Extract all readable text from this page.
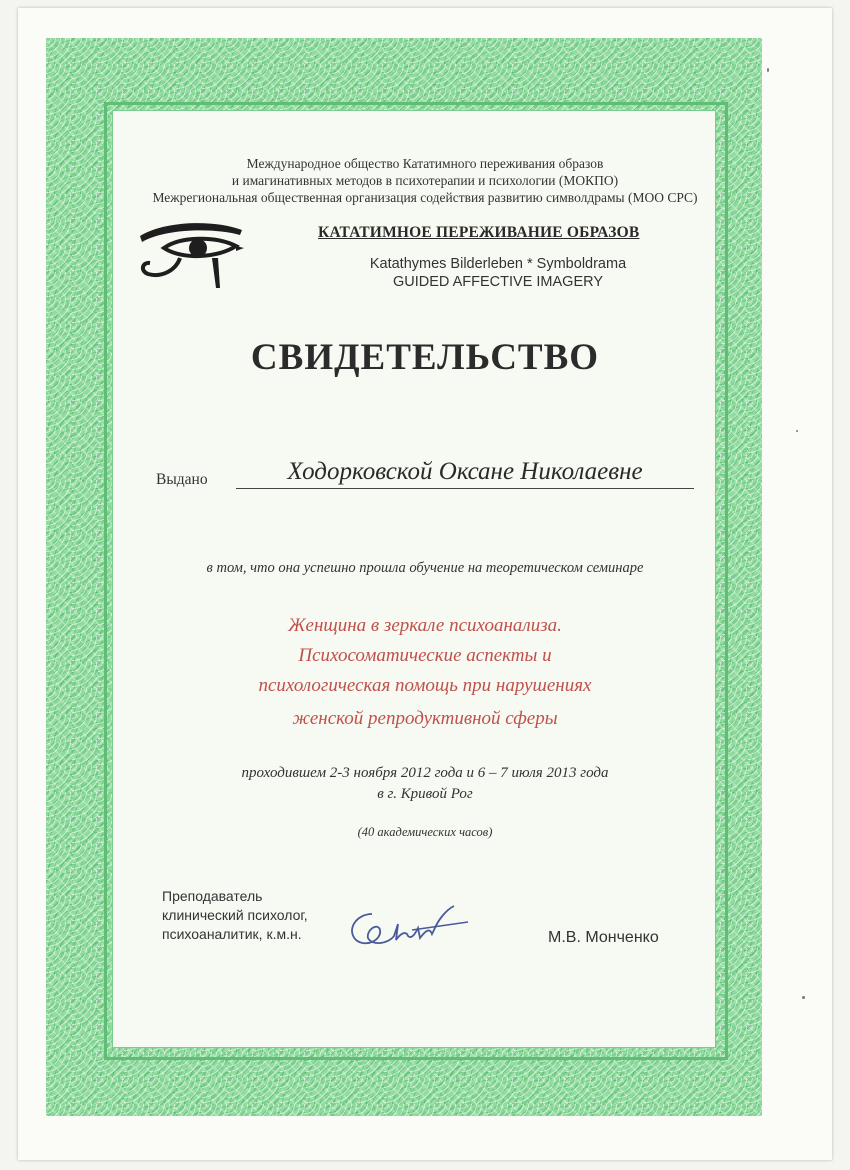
Международное общество Кататимного переживания образов
и имагинативных методов в психотерапии и психологии (МОКПО)
Межрегиональная общественная организация содействия развитию символдрамы (МОО СРС)
КАТАТИМНОЕ ПЕРЕЖИВАНИЕ ОБРАЗОВ
Katathymes Bilderleben * Symboldrama
GUIDED AFFECTIVE IMAGERY
СВИДЕТЕЛЬСТВО
Выдано	Ходорковской Оксане Николаевне
в том, что она успешно прошла обучение на теоретическом семинаре
Женщина в зеркале психоанализа.
Психосоматические аспекты и
психологическая помощь при нарушениях
женской репродуктивной сферы
проходившем 2-3 ноября 2012 года и 6 – 7 июля 2013 года
в г. Кривой Рог
(40 академических часов)
Преподаватель
клинический психолог,
психоаналитик, к.м.н.	М.В. Монченко
